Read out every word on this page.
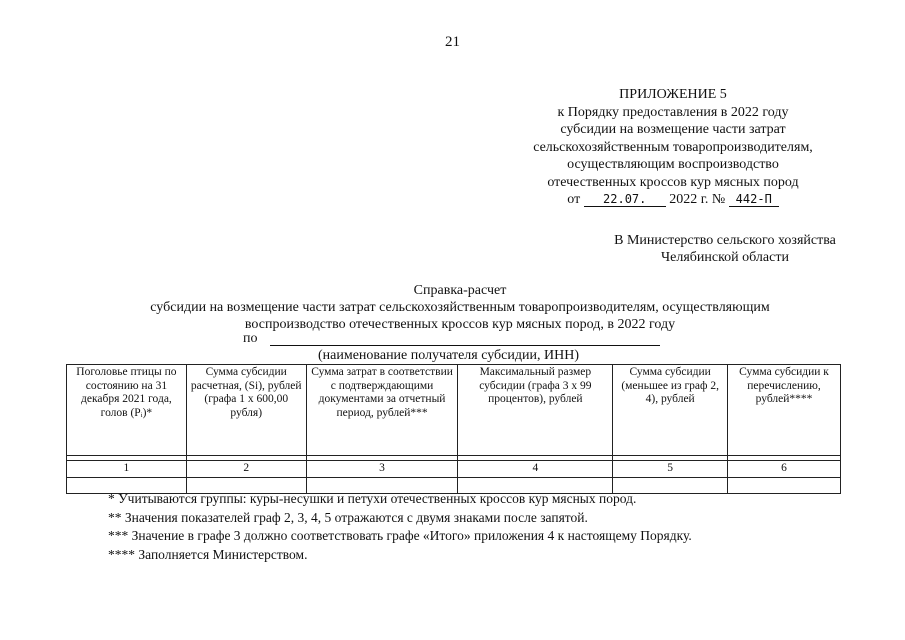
21
ПРИЛОЖЕНИЕ 5
к Порядку предоставления в 2022 году
субсидии на возмещение части затрат
сельскохозяйственным товаропроизводителям,
осуществляющим воспроизводство
отечественных кроссов кур мясных пород
от 22.07. 2022 г. № 442-П
В Министерство сельского хозяйства
Челябинской области
Справка-расчет
субсидии на возмещение части затрат сельскохозяйственным товаропроизводителям, осуществляющим
воспроизводство отечественных кроссов кур мясных пород, в 2022 году
по
(наименование получателя субсидии, ИНН)
Поголовье птицы по состоянию на 31 декабря 2021 года, голов (Pᵢ)*	Сумма субсидии расчетная, (Si), рублей (графа 1 х 600,00 рубля)	Сумма затрат в соответствии с подтверждающими документами за отчетный период, рублей***	Максимальный размер субсидии (графа 3 х 99 процентов), рублей	Сумма субсидии (меньшее из граф 2, 4), рублей	Сумма субсидии к перечислению, рублей****

1	2	3	4	5	6

* Учитываются группы: куры-несушки и петухи отечественных кроссов кур мясных пород.
** Значения показателей граф 2, 3, 4, 5 отражаются с двумя знаками после запятой.
*** Значение в графе 3 должно соответствовать графе «Итого» приложения 4 к настоящему Порядку.
**** Заполняется Министерством.
